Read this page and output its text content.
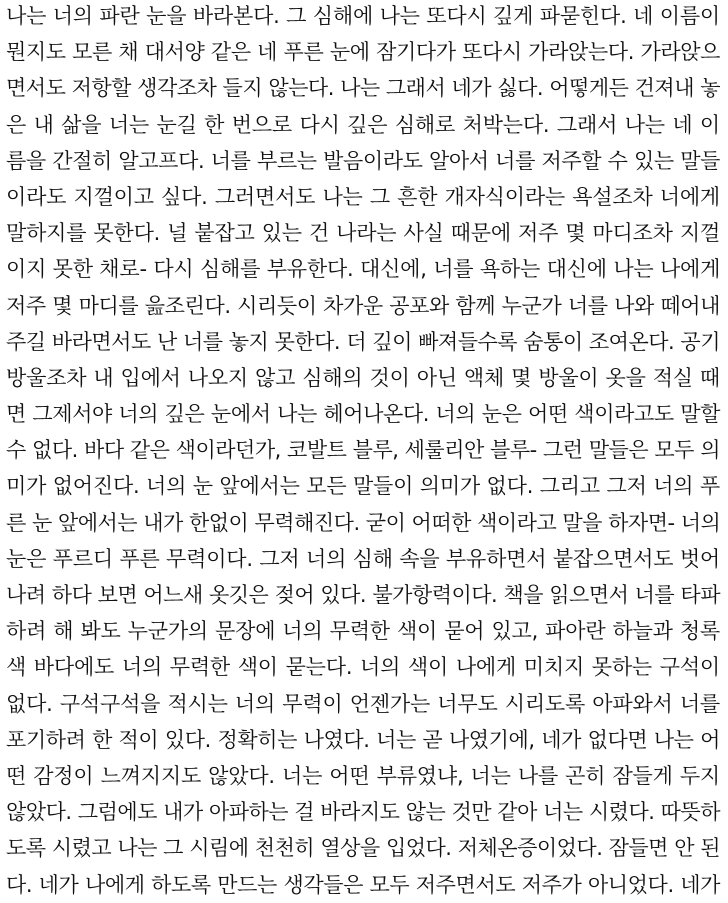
나는 너의 파란 눈을 바라본다. 그 심해에 나는 또다시 깊게 파묻힌다. 네 이름이
뭔지도 모른 채 대서양 같은 네 푸른 눈에 잠기다가 또다시 가라앉는다. 가라앉으
면서도 저항할 생각조차 들지 않는다. 나는 그래서 네가 싫다. 어떻게든 건져내 놓
은 내 삶을 너는 눈길 한 번으로 다시 깊은 심해로 처박는다. 그래서 나는 네 이
름을 간절히 알고프다. 너를 부르는 발음이라도 알아서 너를 저주할 수 있는 말들
이라도 지껄이고 싶다. 그러면서도 나는 그 흔한 개자식이라는 욕설조차 너에게
말하지를 못한다. 널 붙잡고 있는 건 나라는 사실 때문에 저주 몇 마디조차 지껄
이지 못한 채로- 다시 심해를 부유한다. 대신에, 너를 욕하는 대신에 나는 나에게
저주 몇 마디를 읊조린다. 시리듯이 차가운 공포와 함께 누군가 너를 나와 떼어내
주길 바라면서도 난 너를 놓지 못한다. 더 깊이 빠져들수록 숨통이 조여온다. 공기
방울조차 내 입에서 나오지 않고 심해의 것이 아닌 액체 몇 방울이 옷을 적실 때
면 그제서야 너의 깊은 눈에서 나는 헤어나온다. 너의 눈은 어떤 색이라고도 말할
수 없다. 바다 같은 색이라던가, 코발트 블루, 세룰리안 블루- 그런 말들은 모두 의
미가 없어진다. 너의 눈 앞에서는 모든 말들이 의미가 없다. 그리고 그저 너의 푸
른 눈 앞에서는 내가 한없이 무력해진다. 굳이 어떠한 색이라고 말을 하자면- 너의
눈은 푸르디 푸른 무력이다. 그저 너의 심해 속을 부유하면서 붙잡으면서도 벗어
나려 하다 보면 어느새 옷깃은 젖어 있다. 불가항력이다. 책을 읽으면서 너를 타파
하려 해 봐도 누군가의 문장에 너의 무력한 색이 묻어 있고, 파아란 하늘과 청록
색 바다에도 너의 무력한 색이 묻는다. 너의 색이 나에게 미치지 못하는 구석이
없다. 구석구석을 적시는 너의 무력이 언젠가는 너무도 시리도록 아파와서 너를
포기하려 한 적이 있다. 정확히는 나였다. 너는 곧 나였기에, 네가 없다면 나는 어
떤 감정이 느껴지지도 않았다. 너는 어떤 부류였냐, 너는 나를 곤히 잠들게 두지
않았다. 그럼에도 내가 아파하는 걸 바라지도 않는 것만 같아 너는 시렸다. 따뜻하
도록 시렸고 나는 그 시림에 천천히 열상을 입었다. 저체온증이었다. 잠들면 안 된
다. 네가 나에게 하도록 만드는 생각들은 모두 저주면서도 저주가 아니었다. 네가
